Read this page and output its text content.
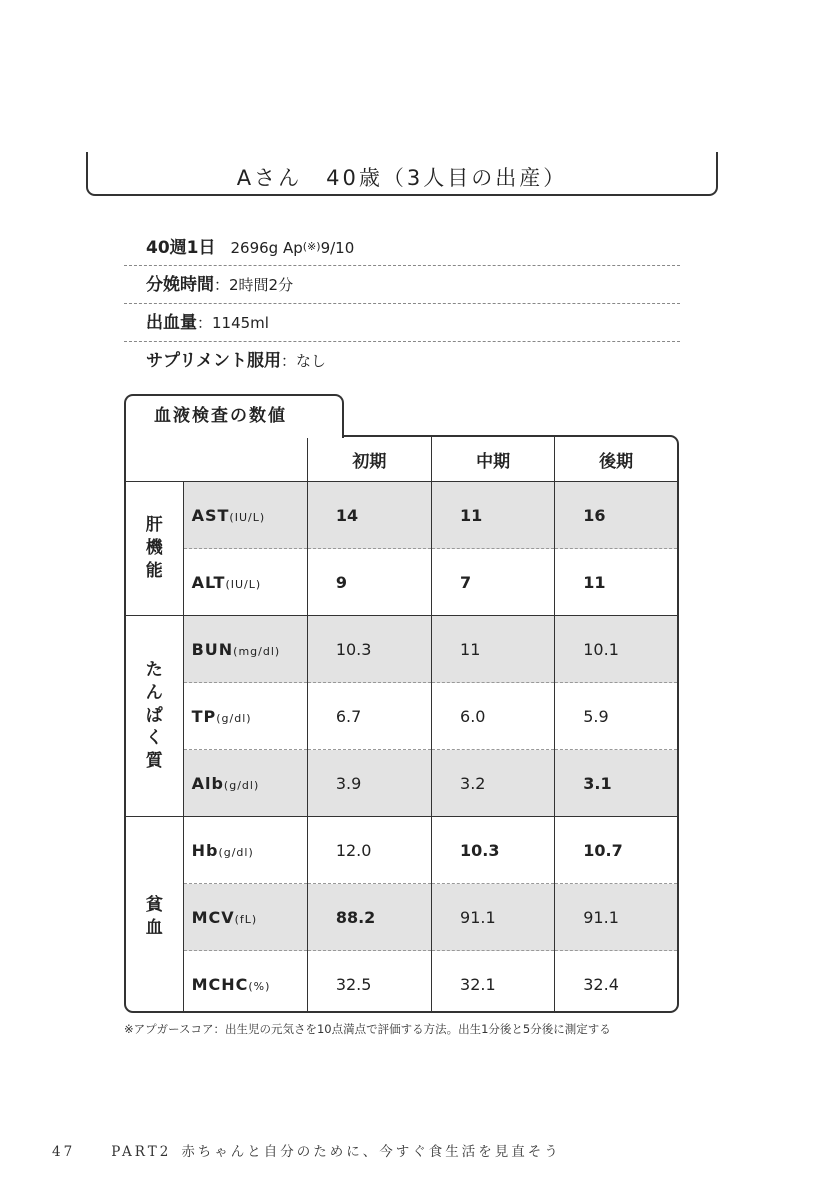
Aさん　40歳（3人目の出産）
40週1日　2696g Ap(※)9/10
分娩時間：2時間2分
出血量：1145ml
サプリメント服用：なし
血液検査の数値
		初期	中期	後期
肝機能	AST(IU/L)	14	11	16
	ALT(IU/L)	9	7	11
たんぱく質	BUN(mg/dl)	10.3	11	10.1
	TP(g/dl)	6.7	6.0	5.9
	Alb(g/dl)	3.9	3.2	3.1
貧血	Hb(g/dl)	12.0	10.3	10.7
	MCV(fL)	88.2	91.1	91.1
	MCHC(%)	32.5	32.1	32.4
※アプガースコア：出生児の元気さを10点満点で評価する方法。出生1分後と5分後に測定する
47	PART2 赤ちゃんと自分のために、今すぐ食生活を見直そう
